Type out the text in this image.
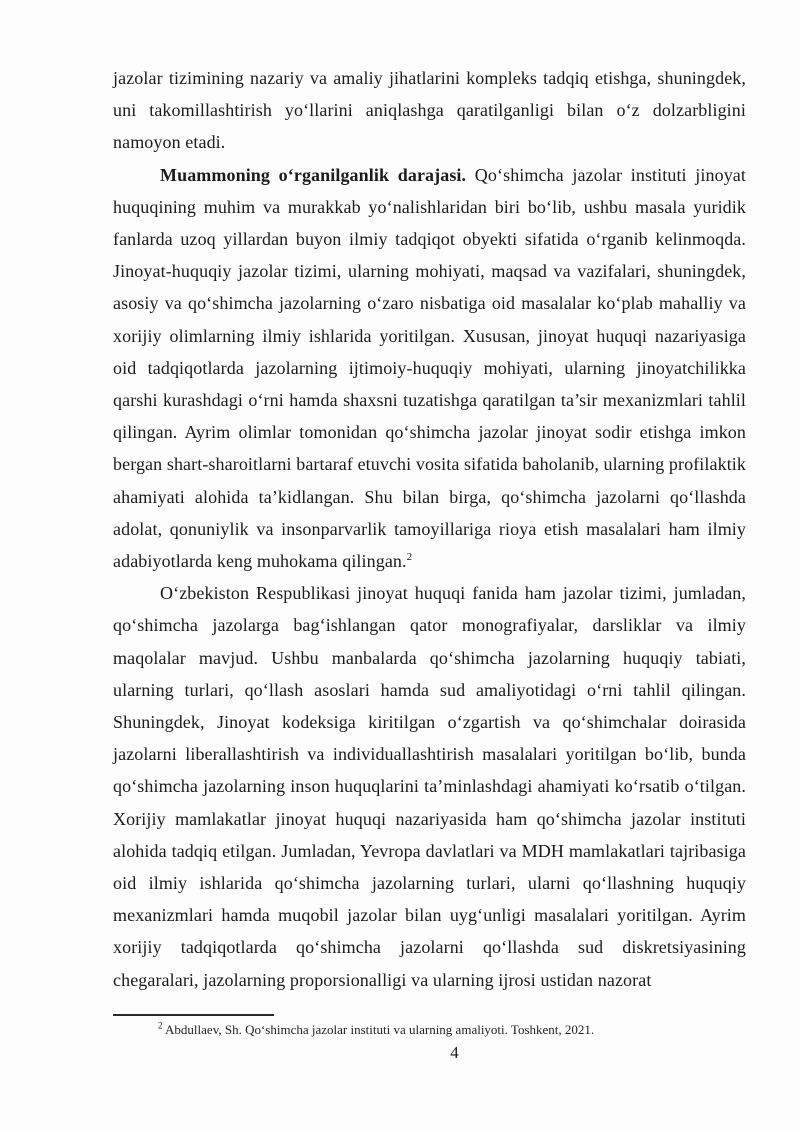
jazolar tizimining nazariy va amaliy jihatlarini kompleks tadqiq etishga, shuningdek, uni takomillashtirish yo‘llarini aniqlashga qaratilganligi bilan o‘z dolzarbligini namoyon etadi.

Muammoning o‘rganilganlik darajasi. Qo‘shimcha jazolar instituti jinoyat huquqining muhim va murakkab yo‘nalishlaridan biri bo‘lib, ushbu masala yuridik fanlarda uzoq yillardan buyon ilmiy tadqiqot obyekti sifatida o‘rganib kelinmoqda. Jinoyat-huquqiy jazolar tizimi, ularning mohiyati, maqsad va vazifalari, shuningdek, asosiy va qo‘shimcha jazolarning o‘zaro nisbatiga oid masalalar ko‘plab mahalliy va xorijiy olimlarning ilmiy ishlarida yoritilgan. Xususan, jinoyat huquqi nazariyasiga oid tadqiqotlarda jazolarning ijtimoiy-huquqiy mohiyati, ularning jinoyatchilikka qarshi kurashdagi o‘rni hamda shaxsni tuzatishga qaratilgan ta’sir mexanizmlari tahlil qilingan. Ayrim olimlar tomonidan qo‘shimcha jazolar jinoyat sodir etishga imkon bergan shart-sharoitlarni bartaraf etuvchi vosita sifatida baholanib, ularning profilaktik ahamiyati alohida ta’kidlangan. Shu bilan birga, qo‘shimcha jazolarni qo‘llashda adolat, qonuniylik va insonparvarlik tamoyillariga rioya etish masalalari ham ilmiy adabiyotlarda keng muhokama qilingan.$^2$

O‘zbekiston Respublikasi jinoyat huquqi fanida ham jazolar tizimi, jumladan, qo‘shimcha jazolarga bag‘ishlangan qator monografiyalar, darsliklar va ilmiy maqolalar mavjud. Ushbu manbalarda qo‘shimcha jazolarning huquqiy tabiati, ularning turlari, qo‘llash asoslari hamda sud amaliyotidagi o‘rni tahlil qilingan. Shuningdek, Jinoyat kodeksiga kiritilgan o‘zgartish va qo‘shimchalar doirasida jazolarni liberallashtirish va individuallashtirish masalalari yoritilgan bo‘lib, bunda qo‘shimcha jazolarning inson huquqlarini ta’minlashdagi ahamiyati ko‘rsatib o‘tilgan. Xorijiy mamlakatlar jinoyat huquqi nazariyasida ham qo‘shimcha jazolar instituti alohida tadqiq etilgan. Jumladan, Yevropa davlatlari va MDH mamlakatlari tajribasiga oid ilmiy ishlarida qo‘shimcha jazolarning turlari, ularni qo‘llashning huquqiy mexanizmlari hamda muqobil jazolar bilan uyg‘unligi masalalari yoritilgan. Ayrim xorijiy tadqiqotlarda qo‘shimcha jazolarni qo‘llashda sud diskretsiyasining chegaralari, jazolarning proporsionalligi va ularning ijrosi ustidan nazorat

$^2$ Abdullaev, Sh. Qo‘shimcha jazolar instituti va ularning amaliyoti. Toshkent, 2021.
4
